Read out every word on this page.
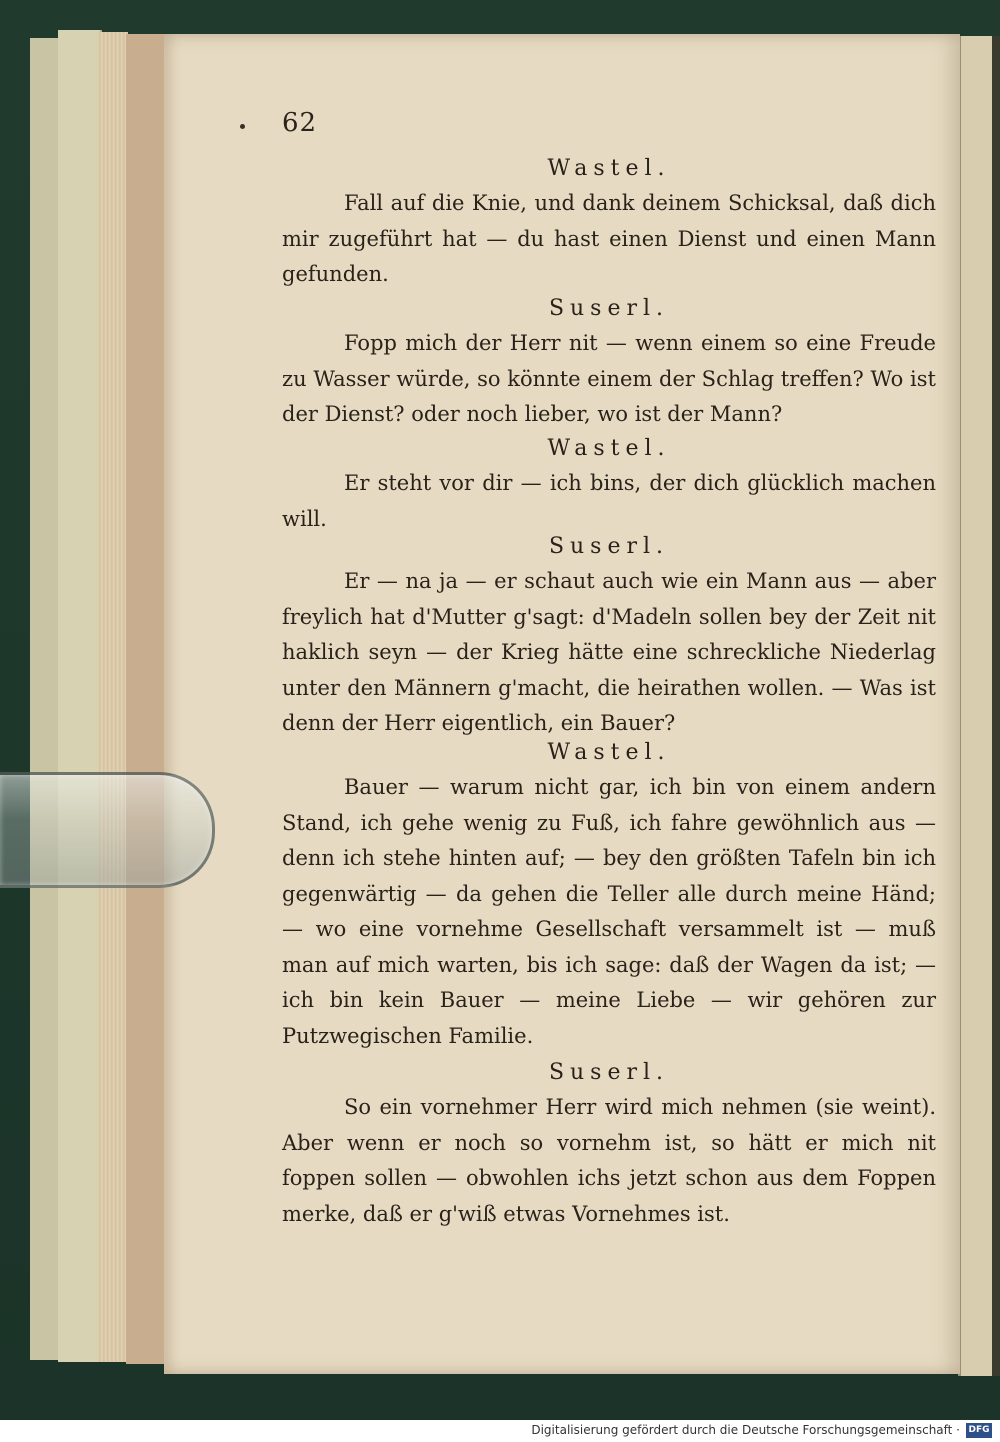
62

Wastel.

Fall auf die Knie, und dank deinem Schicksal, daß dich mir zugeführt hat — du hast einen Dienst und einen Mann gefunden.

Suserl.

Fopp mich der Herr nit — wenn einem so eine Freude zu Wasser würde, so könnte einem der Schlag treffen? Wo ist der Dienst? oder noch lieber, wo ist der Mann?

Wastel.

Er steht vor dir — ich bins, der dich glücklich machen will.

Suserl.

Er — na ja — er schaut auch wie ein Mann aus — aber freylich hat d'Mutter g'sagt: d'Madeln sollen bey der Zeit nit haklich seyn — der Krieg hätte eine schreckliche Niederlag unter den Männern g'macht, die heirathen wollen. — Was ist denn der Herr eigentlich, ein Bauer?

Wastel.

Bauer — warum nicht gar, ich bin von einem andern Stand, ich gehe wenig zu Fuß, ich fahre gewöhnlich aus — denn ich stehe hinten auf; — bey den größten Tafeln bin ich gegenwärtig — da gehen die Teller alle durch meine Händ; — wo eine vornehme Gesellschaft versammelt ist — muß man auf mich warten, bis ich sage: daß der Wagen da ist; — ich bin kein Bauer — meine Liebe — wir gehören zur Putzwegischen Familie.

Suserl.

So ein vornehmer Herr wird mich nehmen (sie weint). Aber wenn er noch so vornehm ist, so hätt er mich nit foppen sollen — obwohlen ichs jetzt schon aus dem Foppen merke, daß er g'wiß etwas Vornehmes ist.

Digitalisierung gefördert durch die Deutsche Forschungsgemeinschaft · DFG
